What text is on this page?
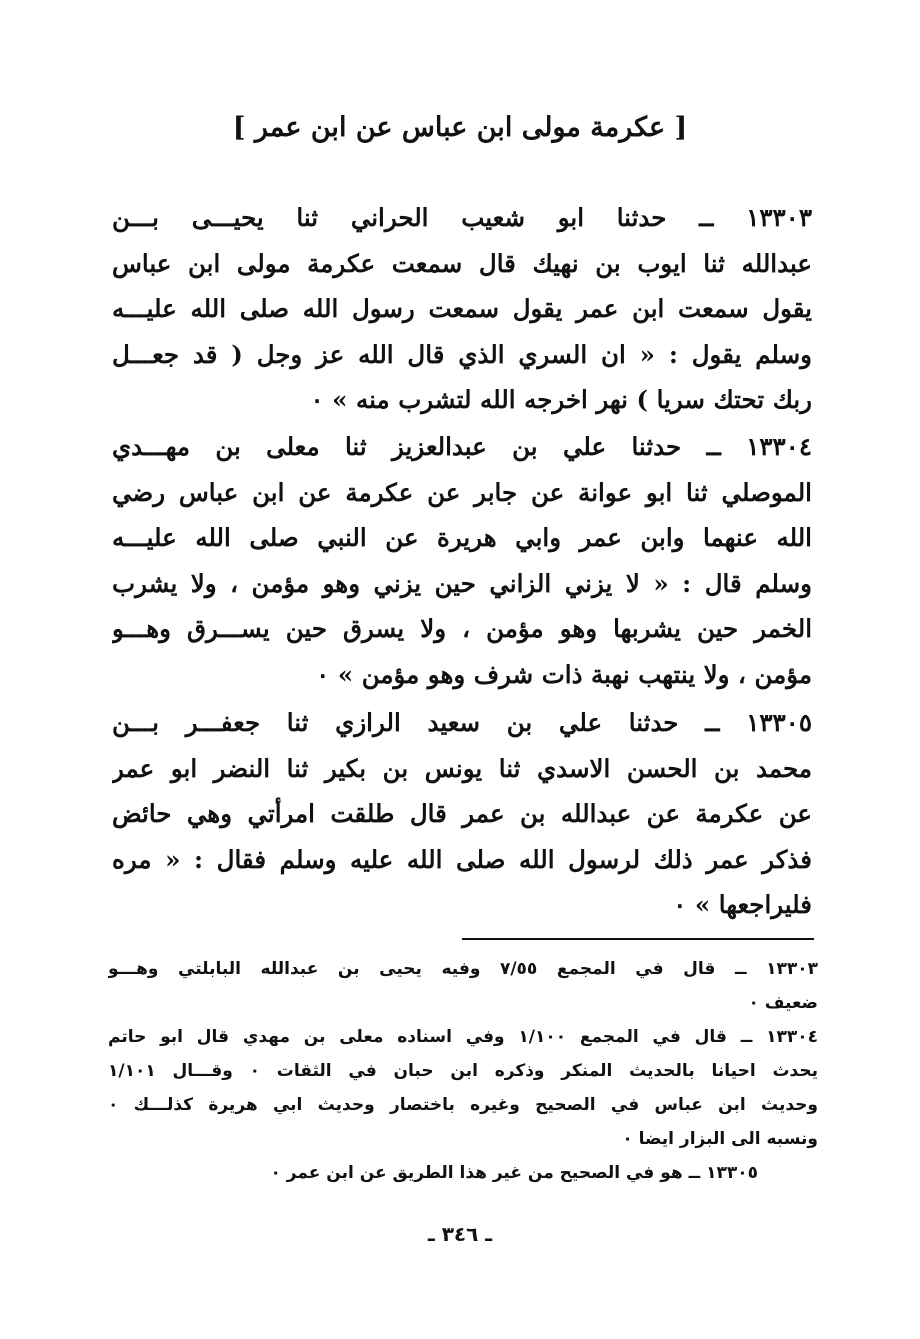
[ عكرمة مولى ابن عباس عن ابن عمر ]
١٣٣٠٣ ــ حدثنا ابو شعيب الحراني ثنا يحيـــى بـــن
عبدالله ثنا ايوب بن نهيك قال سمعت عكرمة مولى ابن عباس
يقول سمعت ابن عمر يقول سمعت رسول الله صلى الله عليـــه
وسلم يقول : « ان السري الذي قال الله عز وجل ( قد جعـــل
ربك تحتك سريا ) نهر اخرجه الله لتشرب منه » ٠
١٣٣٠٤ ــ حدثنا علي بن عبدالعزيز ثنا معلى بن مهـــدي
الموصلي ثنا ابو عوانة عن جابر عن عكرمة عن ابن عباس رضي
الله عنهما وابن عمر وابي هريرة عن النبي صلى الله عليـــه
وسلم قال : « لا يزني الزاني حين يزني وهو مؤمن ، ولا يشرب
الخمر حين يشربها وهو مؤمن ، ولا يسرق حين يســـرق وهـــو
مؤمن ، ولا ينتهب نهبة ذات شرف وهو مؤمن » ٠
١٣٣٠٥ ــ حدثنا علي بن سعيد الرازي ثنا جعفـــر بـــن
محمد بن الحسن الاسدي ثنا يونس بن بكير ثنا النضر ابو عمر
عن عكرمة عن عبدالله بن عمر قال طلقت امرأتي وهي حائض
فذكر عمر ذلك لرسول الله صلى الله عليه وسلم فقال : « مره
فليراجعها » ٠
١٣٣٠٣ ــ قال في المجمع ٧/٥٥ وفيه يحيى بن عبدالله البابلتي وهـــو
ضعيف ٠
١٣٣٠٤ ــ قال في المجمع ١/١٠٠ وفي اسناده معلى بن مهدي قال ابو حاتم
يحدث احيانا بالحديث المنكر وذكره ابن حبان في الثقات ٠ وقـــال ١/١٠١
وحديث ابن عباس في الصحيح وغيره باختصار وحديث ابي هريرة كذلـــك ٠
ونسبه الى البزار ايضا ٠
١٣٣٠٥ ــ هو في الصحيح من غير هذا الطريق عن ابن عمر ٠
ـ ٣٤٦ ـ
